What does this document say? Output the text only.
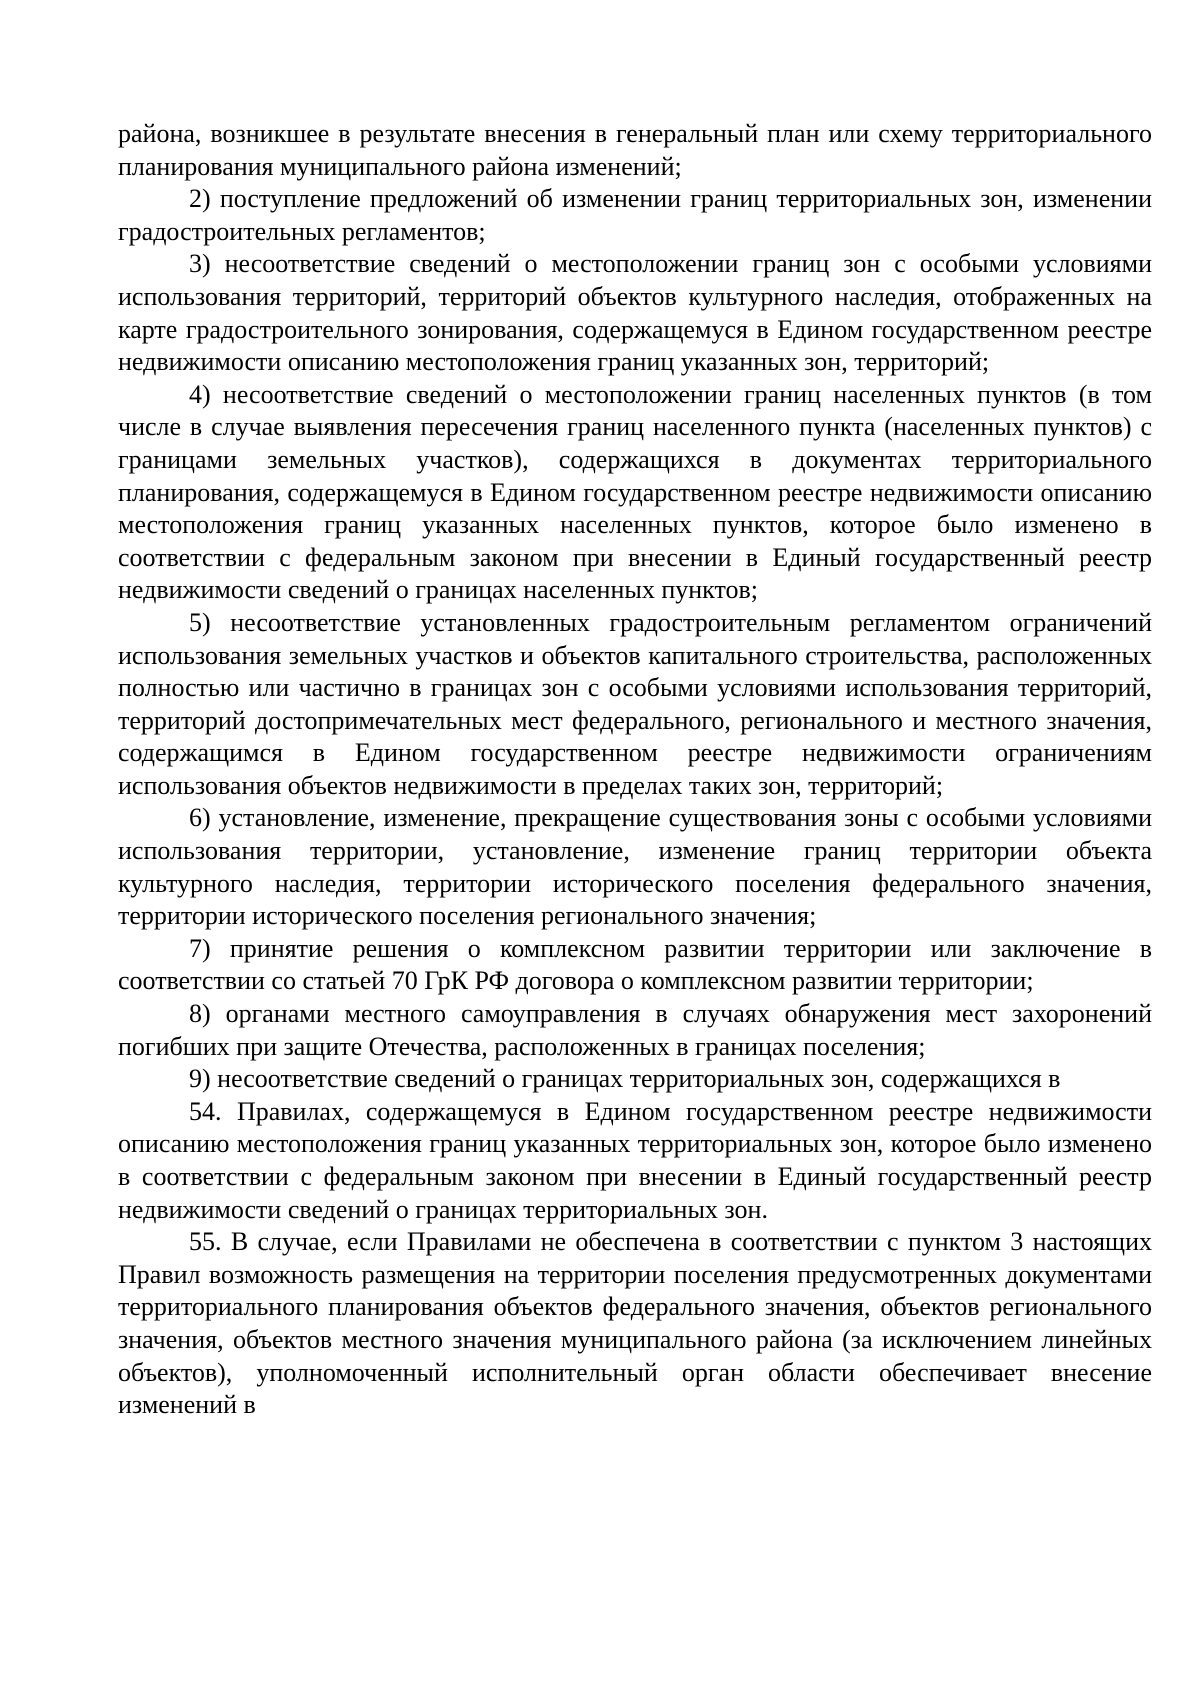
района, возникшее в результате внесения в генеральный план или схему территориального планирования муниципального района изменений;

2) поступление предложений об изменении границ территориальных зон, изменении градостроительных регламентов;

3) несоответствие сведений о местоположении границ зон с особыми условиями использования территорий, территорий объектов культурного наследия, отображенных на карте градостроительного зонирования, содержащемуся в Едином государственном реестре недвижимости описанию местоположения границ указанных зон, территорий;

4) несоответствие сведений о местоположении границ населенных пунктов (в том числе в случае выявления пересечения границ населенного пункта (населенных пунктов) с границами земельных участков), содержащихся в документах территориального планирования, содержащемуся в Едином государственном реестре недвижимости описанию местоположения границ указанных населенных пунктов, которое было изменено в соответствии с федеральным законом при внесении в Единый государственный реестр недвижимости сведений о границах населенных пунктов;

5) несоответствие установленных градостроительным регламентом ограничений использования земельных участков и объектов капитального строительства, расположенных полностью или частично в границах зон с особыми условиями использования территорий, территорий достопримечательных мест федерального, регионального и местного значения, содержащимся в Едином государственном реестре недвижимости ограничениям использования объектов недвижимости в пределах таких зон, территорий;

6) установление, изменение, прекращение существования зоны с особыми условиями использования территории, установление, изменение границ территории объекта культурного наследия, территории исторического поселения федерального значения, территории исторического поселения регионального значения;

7) принятие решения о комплексном развитии территории или заключение в соответствии со статьей 70 ГрК РФ договора о комплексном развитии территории;

8) органами местного самоуправления в случаях обнаружения мест захоронений погибших при защите Отечества, расположенных в границах поселения;

9) несоответствие сведений о границах территориальных зон, содержащихся в

54. Правилах, содержащемуся в Едином государственном реестре недвижимости описанию местоположения границ указанных территориальных зон, которое было изменено в соответствии с федеральным законом при внесении в Единый государственный реестр недвижимости сведений о границах территориальных зон.

55. В случае, если Правилами не обеспечена в соответствии с пунктом 3 настоящих Правил возможность размещения на территории поселения предусмотренных документами территориального планирования объектов федерального значения, объектов регионального значения, объектов местного значения муниципального района (за исключением линейных объектов), уполномоченный исполнительный орган области обеспечивает внесение изменений в
